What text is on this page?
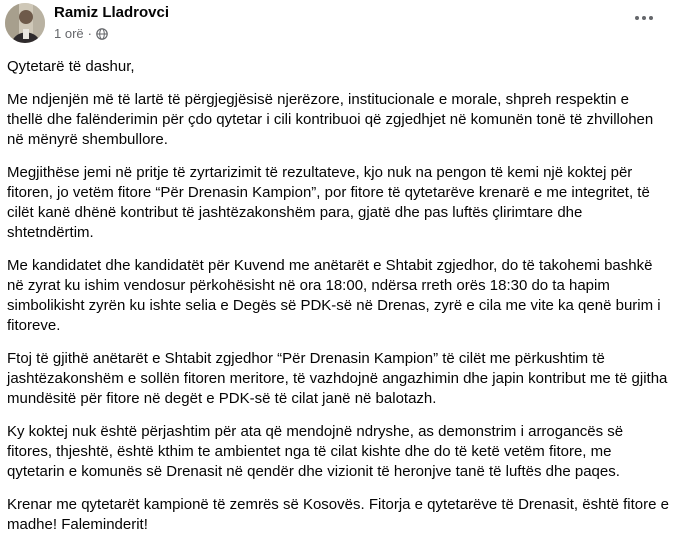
Ramiz Lladrovci
1 orë ·

Qytetarë të dashur,

Me ndjenjën më të lartë të përgjegjësisë njerëzore, institucionale e morale, shpreh respektin e thellë dhe falënderimin për çdo qytetar i cili kontribuoi që zgjedhjet në komunën tonë të zhvillohen në mënyrë shembullore.

Megjithëse jemi në pritje të zyrtarizimit të rezultateve, kjo nuk na pengon të kemi një koktej për fitoren, jo vetëm fitore “Për Drenasin Kampion”, por fitore të qytetarëve krenarë e me integritet, të cilët kanë dhënë kontribut të jashtëzakonshëm para, gjatë dhe pas luftës çlirimtare dhe shtetndërtim.

Me kandidatet dhe kandidatët për Kuvend me anëtarët e Shtabit zgjedhor, do të takohemi bashkë në zyrat ku ishim vendosur përkohësisht në ora 18:00, ndërsa rreth orës 18:30 do ta hapim simbolikisht zyrën ku ishte selia e Degës së PDK-së në Drenas, zyrë e cila me vite ka qenë burim i fitoreve.

Ftoj të gjithë anëtarët e Shtabit zgjedhor “Për Drenasin Kampion” të cilët me përkushtim të jashtëzakonshëm e sollën fitoren meritore, të vazhdojnë angazhimin dhe japin kontribut me të gjitha mundësitë për fitore në degët e PDK-së të cilat janë në balotazh.

Ky koktej nuk është përjashtim për ata që mendojnë ndryshe, as demonstrim i arrogancës së fitores, thjeshtë, është kthim te ambientet nga të cilat kishte dhe do të ketë vetëm fitore, me qytetarin e komunës së Drenasit në qendër dhe vizionit të heronjve tanë të luftës dhe paqes.

Krenar me qytetarët kampionë të zemrës së Kosovës. Fitorja e qytetarëve të Drenasit, është fitore e madhe! Faleminderit!
